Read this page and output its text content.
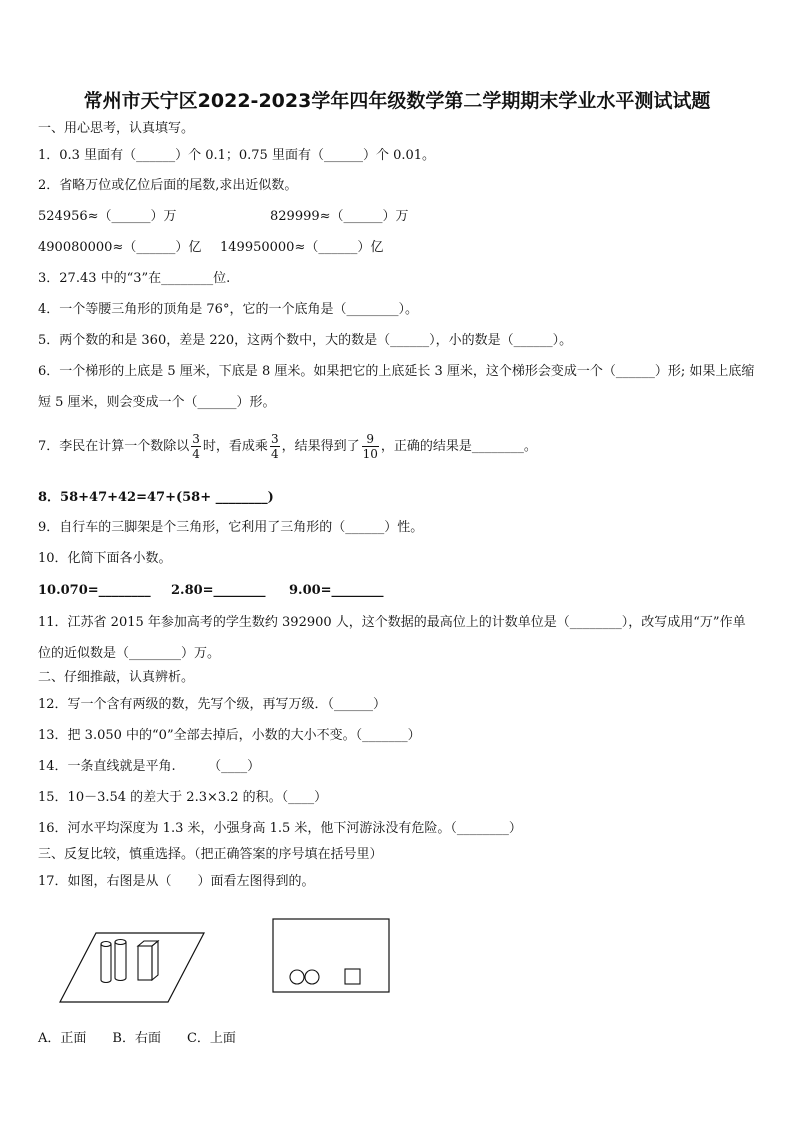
常州市天宁区2022-2023学年四年级数学第二学期期末学业水平测试试题
一、用心思考，认真填写。
1．0.3 里面有（______）个 0.1；0.75 里面有（______）个 0.01。
2．省略万位或亿位后面的尾数,求出近似数。
524956≈（______）万	829999≈（______）万
490080000≈（______）亿 149950000≈（______）亿
3．27.43 中的“3”在________位.
4．一个等腰三角形的顶角是 76°，它的一个底角是（________）。
5．两个数的和是 360，差是 220，这两个数中，大的数是（______），小的数是（______）。
6．一个梯形的上底是 5 厘米，下底是 8 厘米。如果把它的上底延长 3 厘米，这个梯形会变成一个（______）形; 如果上底缩短 5 厘米，则会变成一个（______）形。
7．李民在计算一个数除以 $\frac{3}{4}$ 时，看成乘 $\frac{3}{4}$ ，结果得到了 $\frac{9}{10}$ ，正确的结果是________。
8．58+47+42=47+(58+ ________)
9．自行车的三脚架是个三角形，它利用了三角形的（______）性。
10．化简下面各小数。
10.070=________ 2.80=________ 9.00=________
11．江苏省 2015 年参加高考的学生数约 392900 人，这个数据的最高位上的计数单位是（________），改写成用“万”作单位的近似数是（________）万。
二、仔细推敲，认真辨析。
12．写一个含有两级的数，先写个级，再写万级．（______）
13．把 3.050 中的“0”全部去掉后，小数的大小不变。（_______）
14．一条直线就是平角.　　　（____）
15．10－3.54 的差大于 2.3×3.2 的积。（____）
16．河水平均深度为 1.3 米，小强身高 1.5 米，他下河游泳没有危险。（________）
三、反复比较，慎重选择。（把正确答案的序号填在括号里）
17．如图，右图是从（　　）面看左图得到的。
A．正面　　B．右面　　C．上面
